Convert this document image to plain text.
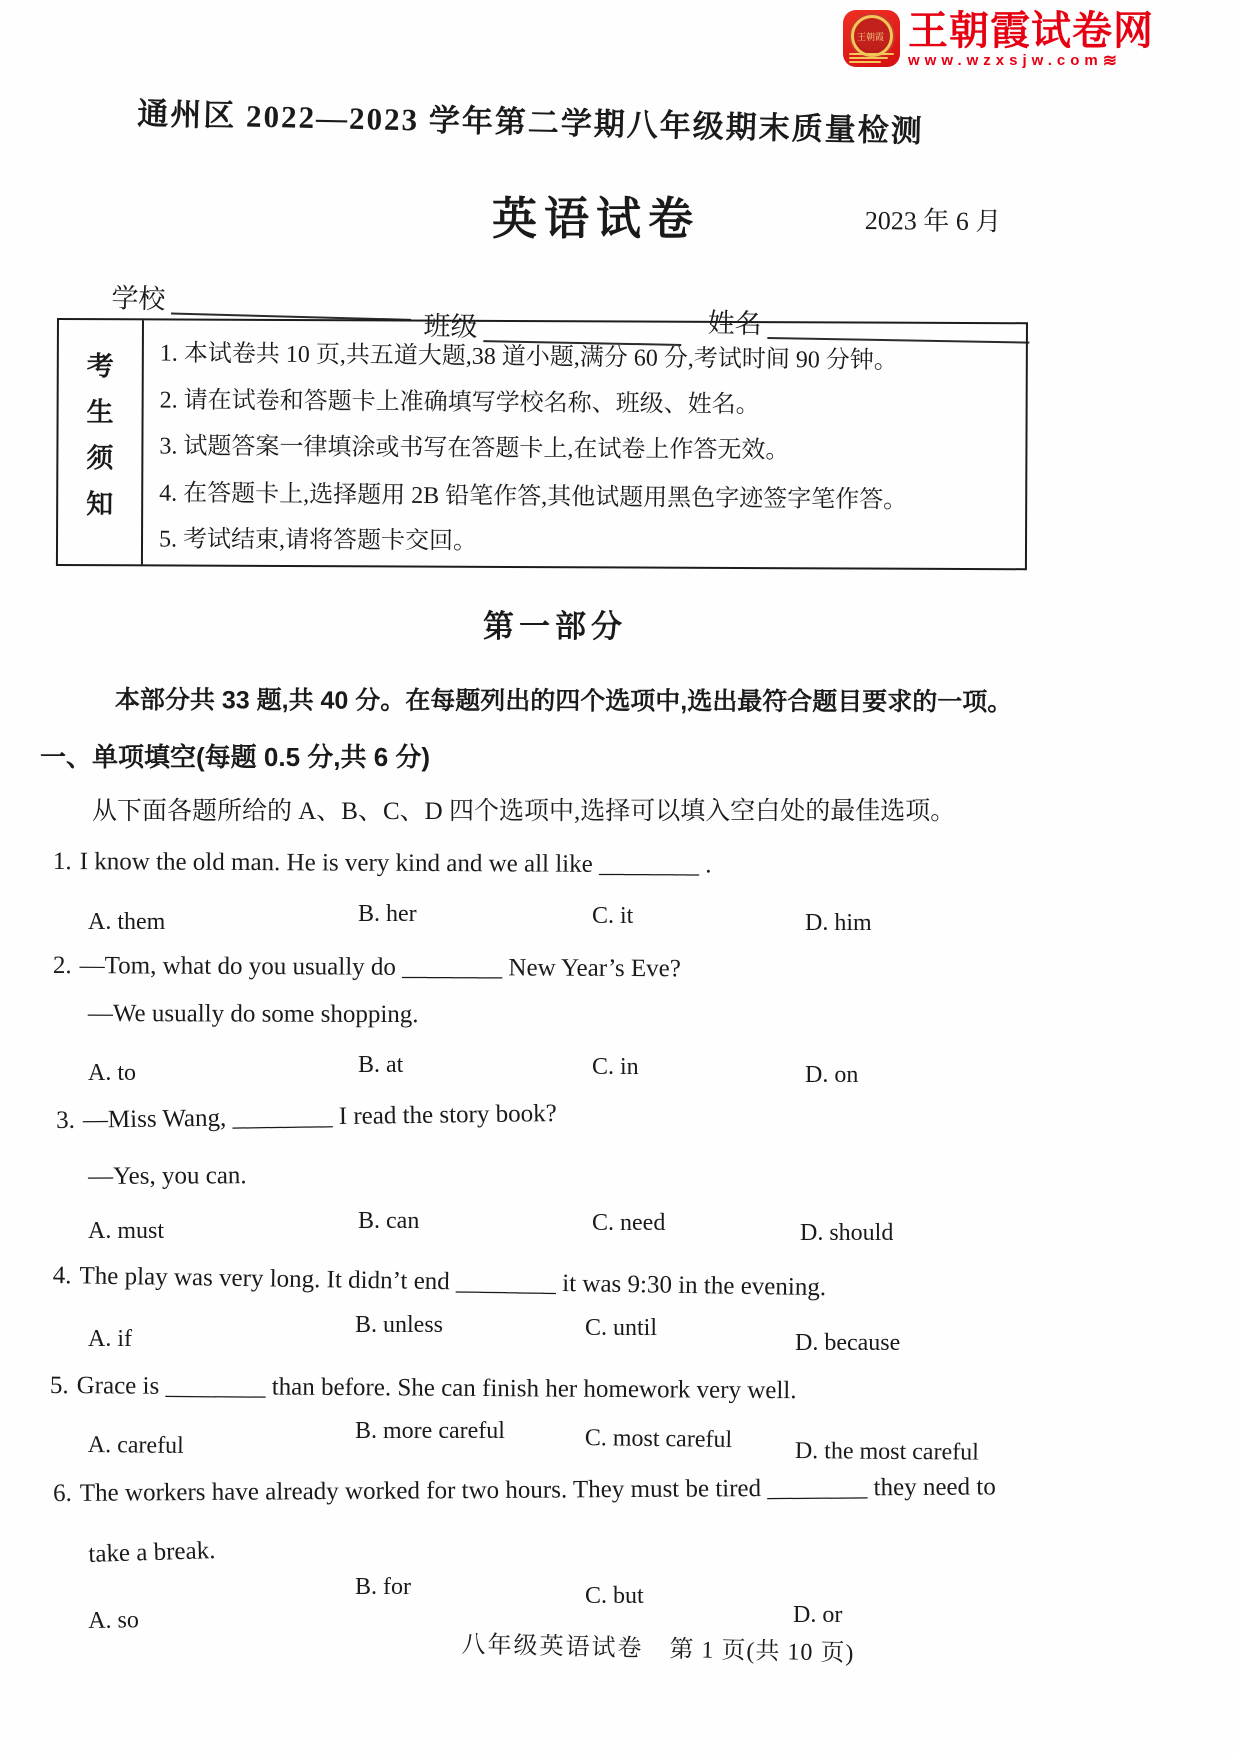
王朝霞
王朝霞试卷网
www.wzxsjw.com≋
通州区 2022—2023 学年第二学期八年级期末质量检测
英语试卷	2023 年 6 月
学校
班级	姓名
考
生
须
知
1. 本试卷共 10 页,共五道大题,38 道小题,满分 60 分,考试时间 90 分钟。
2. 请在试卷和答题卡上准确填写学校名称、班级、姓名。
3. 试题答案一律填涂或书写在答题卡上,在试卷上作答无效。
4. 在答题卡上,选择题用 2B 铅笔作答,其他试题用黑色字迹签字笔作答。
5. 考试结束,请将答题卡交回。
第一部分
本部分共 33 题,共 40 分。在每题列出的四个选项中,选出最符合题目要求的一项。
一、单项填空(每题 0.5 分,共 6 分)
从下面各题所给的 A、B、C、D 四个选项中,选择可以填入空白处的最佳选项。
1. I know the old man. He is very kind and we all like ________ .
A. them	B. her	C. it	D. him
2. —Tom, what do you usually do ________ New Year’s Eve?
—We usually do some shopping.
A. to	B. at	C. in	D. on
3. —Miss Wang, ________ I read the story book?
—Yes, you can.
A. must	B. can	C. need	D. should
4. The play was very long. It didn’t end ________ it was 9:30 in the evening.
A. if
B. unless	C. until
D. because
5. Grace is ________ than before. She can finish her homework very well.
A. careful
B. more careful	C. most careful	D. the most careful
6. The workers have already worked for two hours. They must be tired ________ they need to
take a break.
A. so
B. for	C. but
D. or
八年级英语试卷 第 1 页(共 10 页)
